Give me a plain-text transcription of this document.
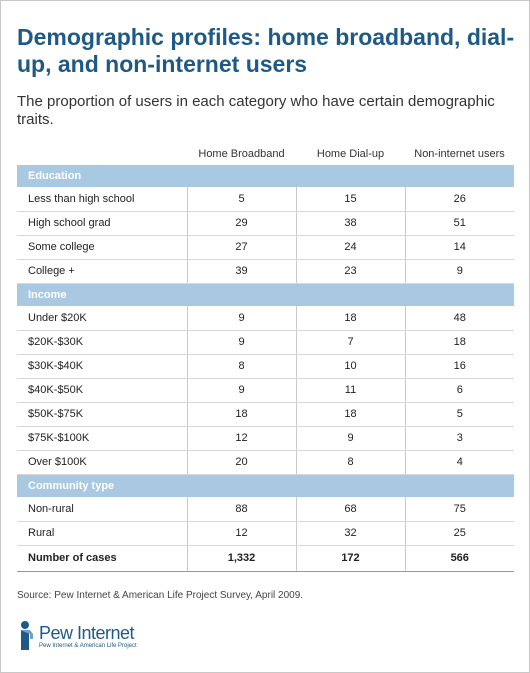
Demographic profiles: home broadband, dial-up, and non-internet users
The proportion of users in each category who have certain demographic traits.
	Home Broadband	Home Dial-up	Non-internet users
Education			
Less than high school	5	15	26
High school grad	29	38	51
Some college	27	24	14
College +	39	23	9
Income			
Under $20K	9	18	48
$20K-$30K	9	7	18
$30K-$40K	8	10	16
$40K-$50K	9	11	6
$50K-$75K	18	18	5
$75K-$100K	12	9	3
Over $100K	20	8	4
Community type			
Non-rural	88	68	75
Rural	12	32	25
Number of cases	1,332	172	566
Source: Pew Internet & American Life Project Survey, April 2009.
Pew Internet
Pew Internet & American Life Project
